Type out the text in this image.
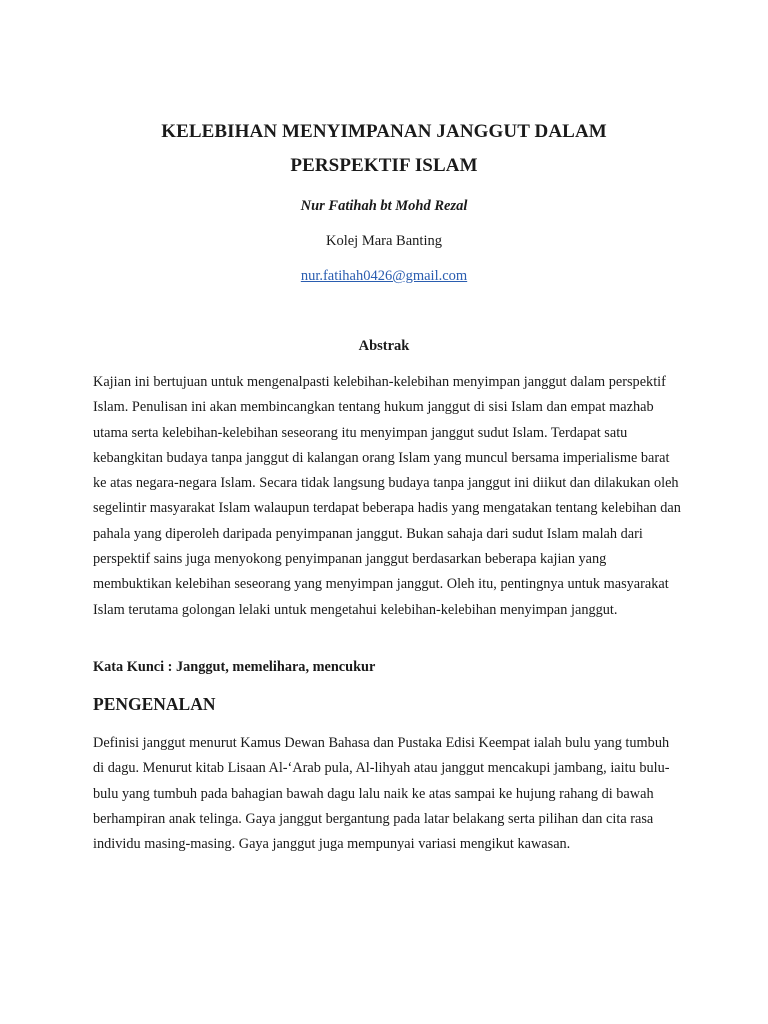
KELEBIHAN MENYIMPANAN JANGGUT DALAM
PERSPEKTIF ISLAM
Nur Fatihah bt Mohd Rezal
Kolej Mara Banting
nur.fatihah0426@gmail.com
Abstrak

Kajian ini bertujuan untuk mengenalpasti kelebihan-kelebihan menyimpan janggut dalam perspektif Islam. Penulisan ini akan membincangkan tentang hukum janggut di sisi Islam dan empat mazhab utama serta kelebihan-kelebihan seseorang itu menyimpan janggut sudut Islam. Terdapat satu kebangkitan budaya tanpa janggut di kalangan orang Islam yang muncul bersama imperialisme barat ke atas negara-negara Islam. Secara tidak langsung budaya tanpa janggut ini diikut dan dilakukan oleh segelintir masyarakat Islam walaupun terdapat beberapa hadis yang mengatakan tentang kelebihan dan pahala yang diperoleh daripada penyimpanan janggut. Bukan sahaja dari sudut Islam malah dari perspektif sains juga menyokong penyimpanan janggut berdasarkan beberapa kajian yang membuktikan kelebihan seseorang yang menyimpan janggut. Oleh itu, pentingnya untuk masyarakat Islam terutama golongan lelaki untuk mengetahui kelebihan-kelebihan menyimpan janggut.

Kata Kunci : Janggut, memelihara, mencukur
PENGENALAN

Definisi janggut menurut Kamus Dewan Bahasa dan Pustaka Edisi Keempat ialah bulu yang tumbuh di dagu. Menurut kitab Lisaan Al-‘Arab pula, Al-lihyah atau janggut mencakupi jambang, iaitu bulu-bulu yang tumbuh pada bahagian bawah dagu lalu naik ke atas sampai ke hujung rahang di bawah berhampiran anak telinga. Gaya janggut bergantung pada latar belakang serta pilihan dan cita rasa individu masing-masing. Gaya janggut juga mempunyai variasi mengikut kawasan.
